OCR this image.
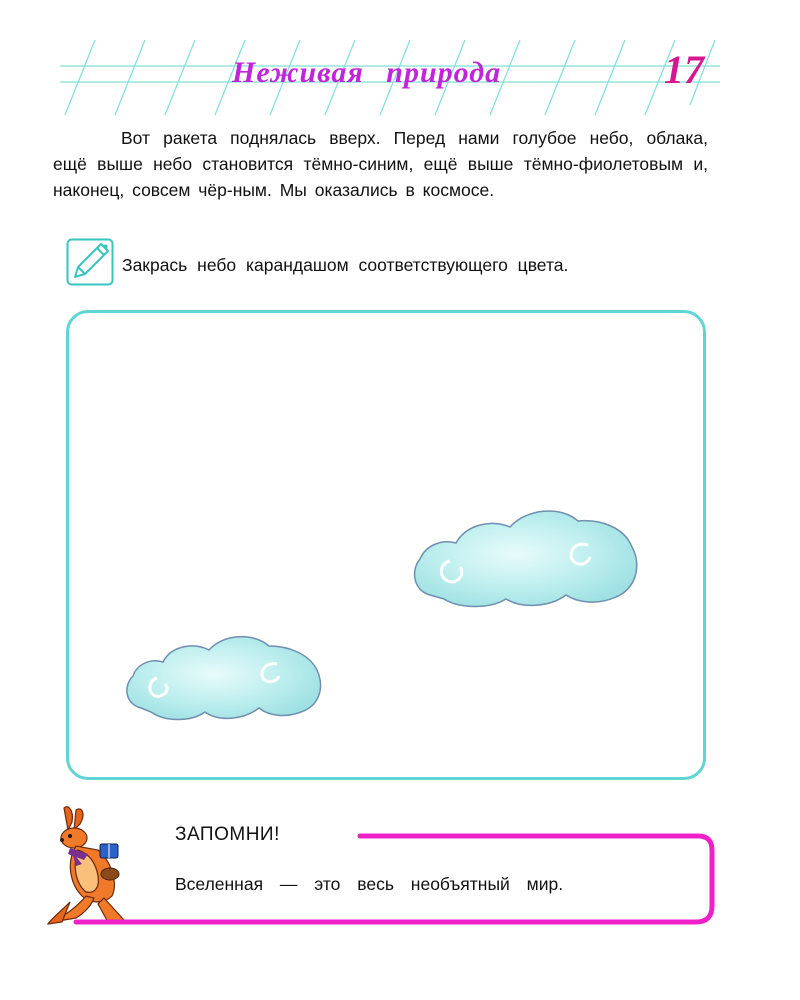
Неживая природа	17

Вот ракета поднялась вверх. Перед нами голубое небо, облака, ещё выше небо становится тёмно-синим, ещё выше тёмно-фиолетовым и, наконец, совсем чёр-ным. Мы оказались в космосе.

Закрась небо карандашом соответствующего цвета.
ЗАПОМНИ!
Вселенная — это весь необъятный мир.
